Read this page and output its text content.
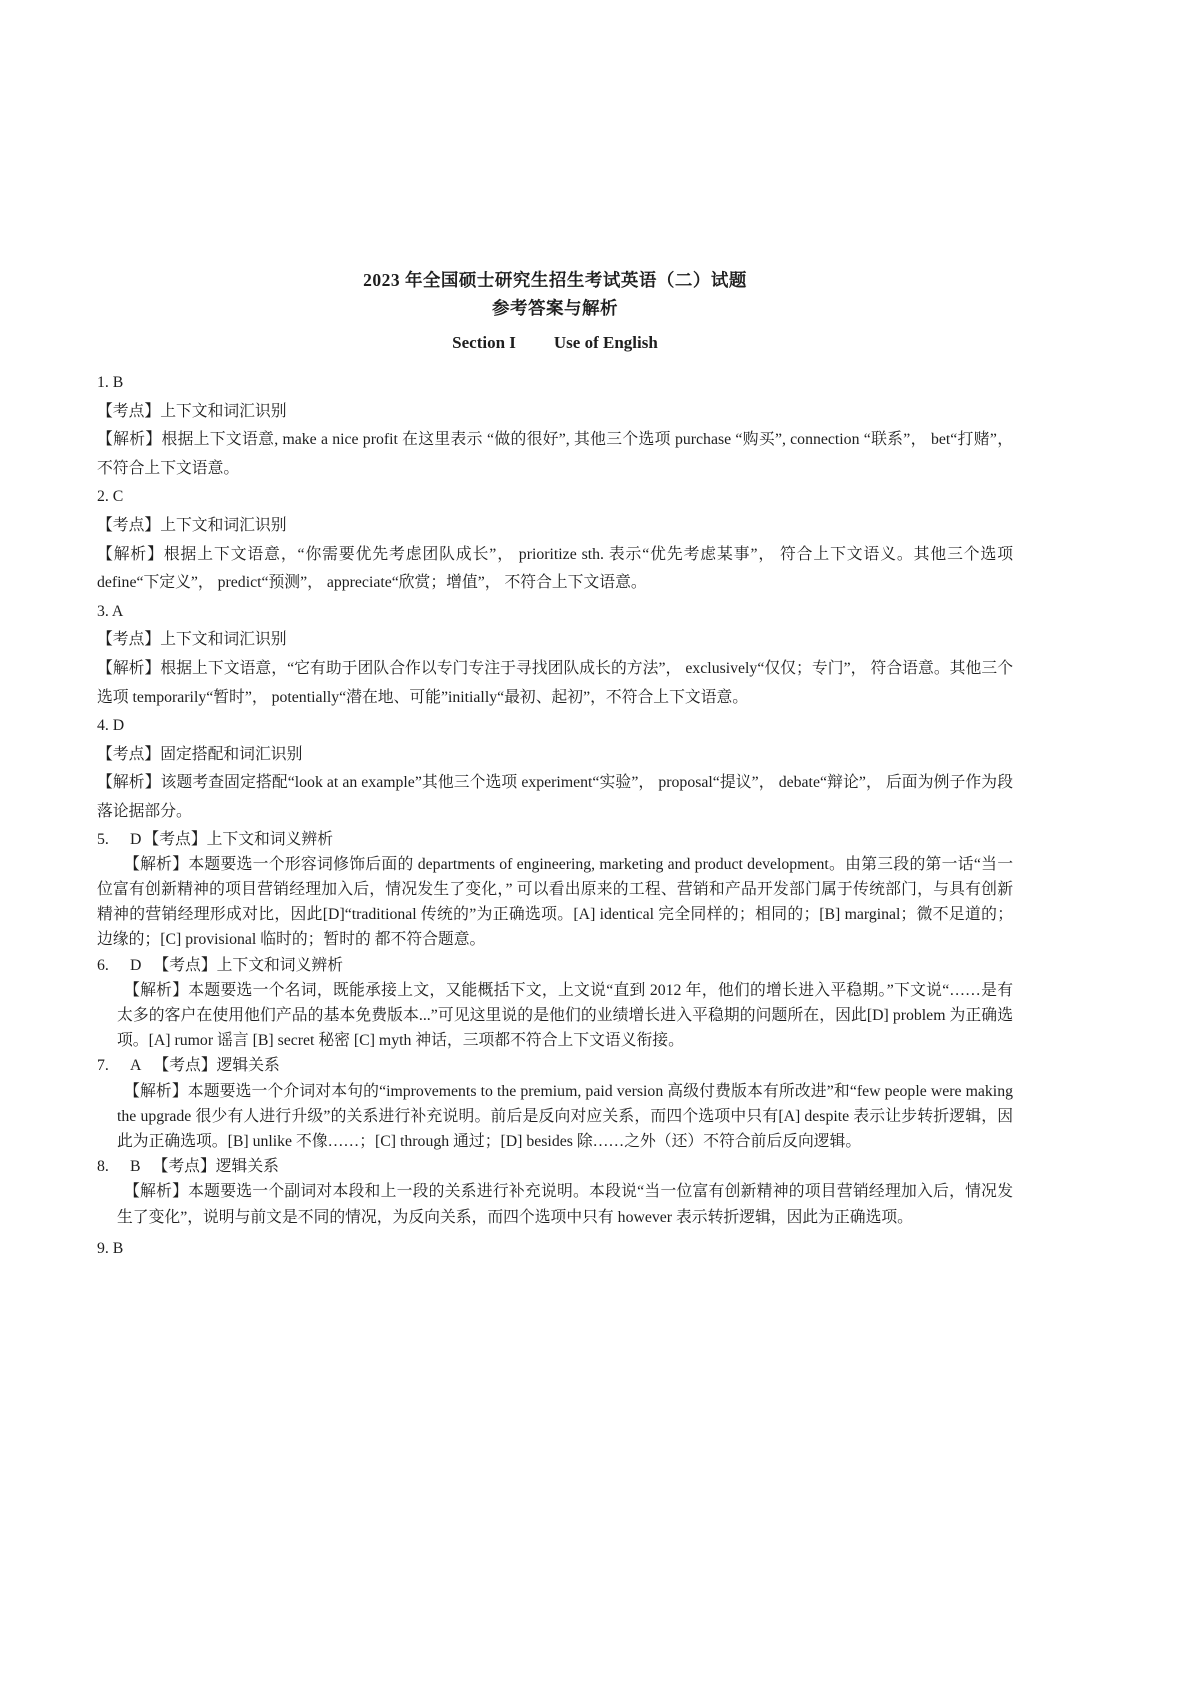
2023 年全国硕士研究生招生考试英语（二）试题
参考答案与解析
Section I Use of English

1. B

【考点】上下文和词汇识别

【解析】根据上下文语意, make a nice profit 在这里表示 “做的很好”, 其他三个选项 purchase “购买”, connection “联系”， bet“打赌”， 不符合上下文语意。

2. C

【考点】上下文和词汇识别

【解析】根据上下文语意，“你需要优先考虑团队成长”， prioritize sth. 表示“优先考虑某事”， 符合上下文语义。其他三个选项 define“下定义”， predict“预测”， appreciate“欣赏；增值”， 不符合上下文语意。

3. A

【考点】上下文和词汇识别

【解析】根据上下文语意，“它有助于团队合作以专门专注于寻找团队成长的方法”， exclusively“仅仅；专门”， 符合语意。其他三个选项 temporarily“暂时”， potentially“潜在地、可能”initially“最初、起初”，不符合上下文语意。

4. D

【考点】固定搭配和词汇识别

【解析】该题考查固定搭配“look at an example”其他三个选项 experiment“实验”， proposal“提议”， debate“辩论”， 后面为例子作为段落论据部分。

5. D 【考点】上下文和词义辨析

【解析】本题要选一个形容词修饰后面的 departments of engineering, marketing and product development。由第三段的第一话“当一位富有创新精神的项目营销经理加入后，情况发生了变化，” 可以看出原来的工程、营销和产品开发部门属于传统部门，与具有创新精神的营销经理形成对比，因此[D]“traditional 传统的”为正确选项。[A] identical 完全同样的；相同的；[B] marginal；微不足道的；边缘的；[C] provisional 临时的；暂时的 都不符合题意。

6. D 【考点】上下文和词义辨析

【解析】本题要选一个名词，既能承接上文，又能概括下文，上文说“直到 2012 年，他们的增长进入平稳期。”下文说“……是有太多的客户在使用他们产品的基本免费版本...”可见这里说的是他们的业绩增长进入平稳期的问题所在，因此[D] problem 为正确选项。[A] rumor 谣言 [B] secret 秘密 [C] myth 神话，三项都不符合上下文语义衔接。

7. A 【考点】逻辑关系

【解析】本题要选一个介词对本句的“improvements to the premium, paid version 高级付费版本有所改进”和“few people were making the upgrade 很少有人进行升级”的关系进行补充说明。前后是反向对应关系，而四个选项中只有[A] despite 表示让步转折逻辑，因此为正确选项。[B] unlike 不像……；[C] through 通过；[D] besides 除……之外（还）不符合前后反向逻辑。

8. B 【考点】逻辑关系

【解析】本题要选一个副词对本段和上一段的关系进行补充说明。本段说“当一位富有创新精神的项目营销经理加入后，情况发生了变化”，说明与前文是不同的情况，为反向关系，而四个选项中只有 however 表示转折逻辑，因此为正确选项。

9. B
